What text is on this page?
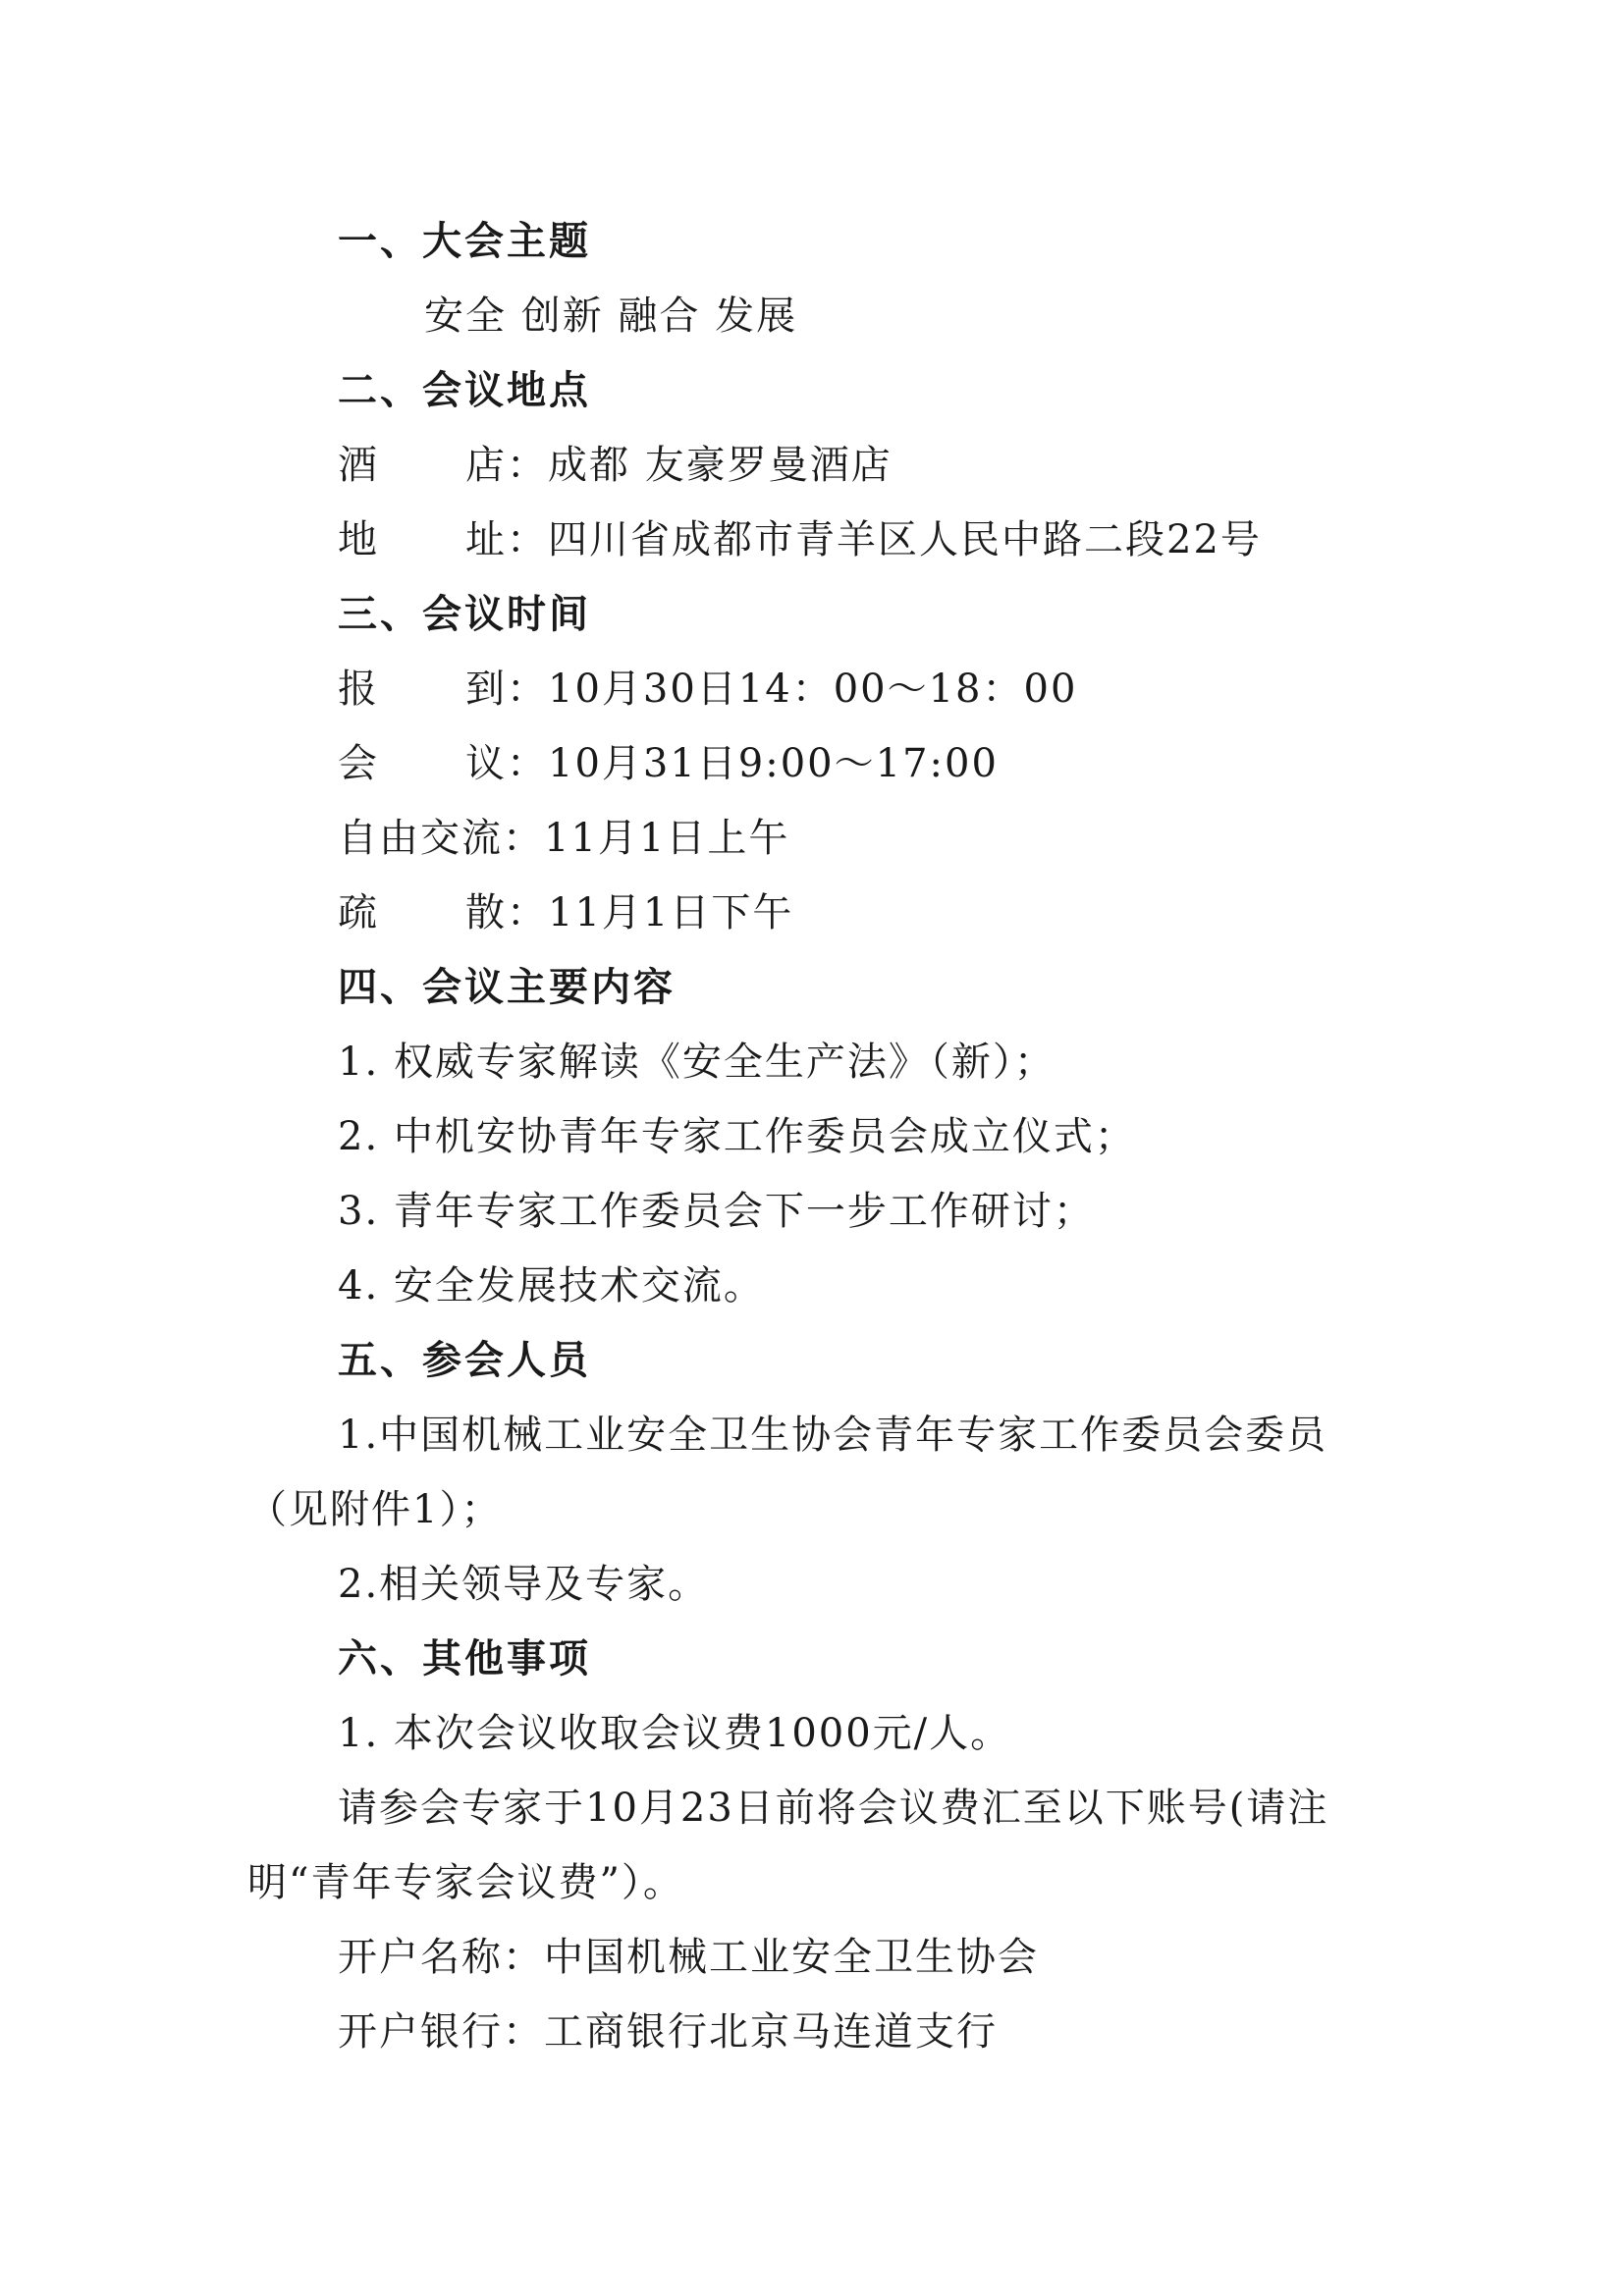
一、大会主题
安全 创新 融合 发展
二、会议地点
酒 店：成都 友豪罗曼酒店
地 址：四川省成都市青羊区人民中路二段22号
三、会议时间
报 到：10月30日14：00～18：00
会 议：10月31日9:00～17:00
自由交流：11月1日上午
疏 散：11月1日下午
四、会议主要内容
1. 权威专家解读《安全生产法》（新）；
2. 中机安协青年专家工作委员会成立仪式；
3. 青年专家工作委员会下一步工作研讨；
4. 安全发展技术交流。
五、参会人员
1.中国机械工业安全卫生协会青年专家工作委员会委员
（见附件1）；
2.相关领导及专家。
六、其他事项
1. 本次会议收取会议费1000元/人。
请参会专家于10月23日前将会议费汇至以下账号(请注
明“青年专家会议费”）。
开户名称：中国机械工业安全卫生协会
开户银行：工商银行北京马连道支行
